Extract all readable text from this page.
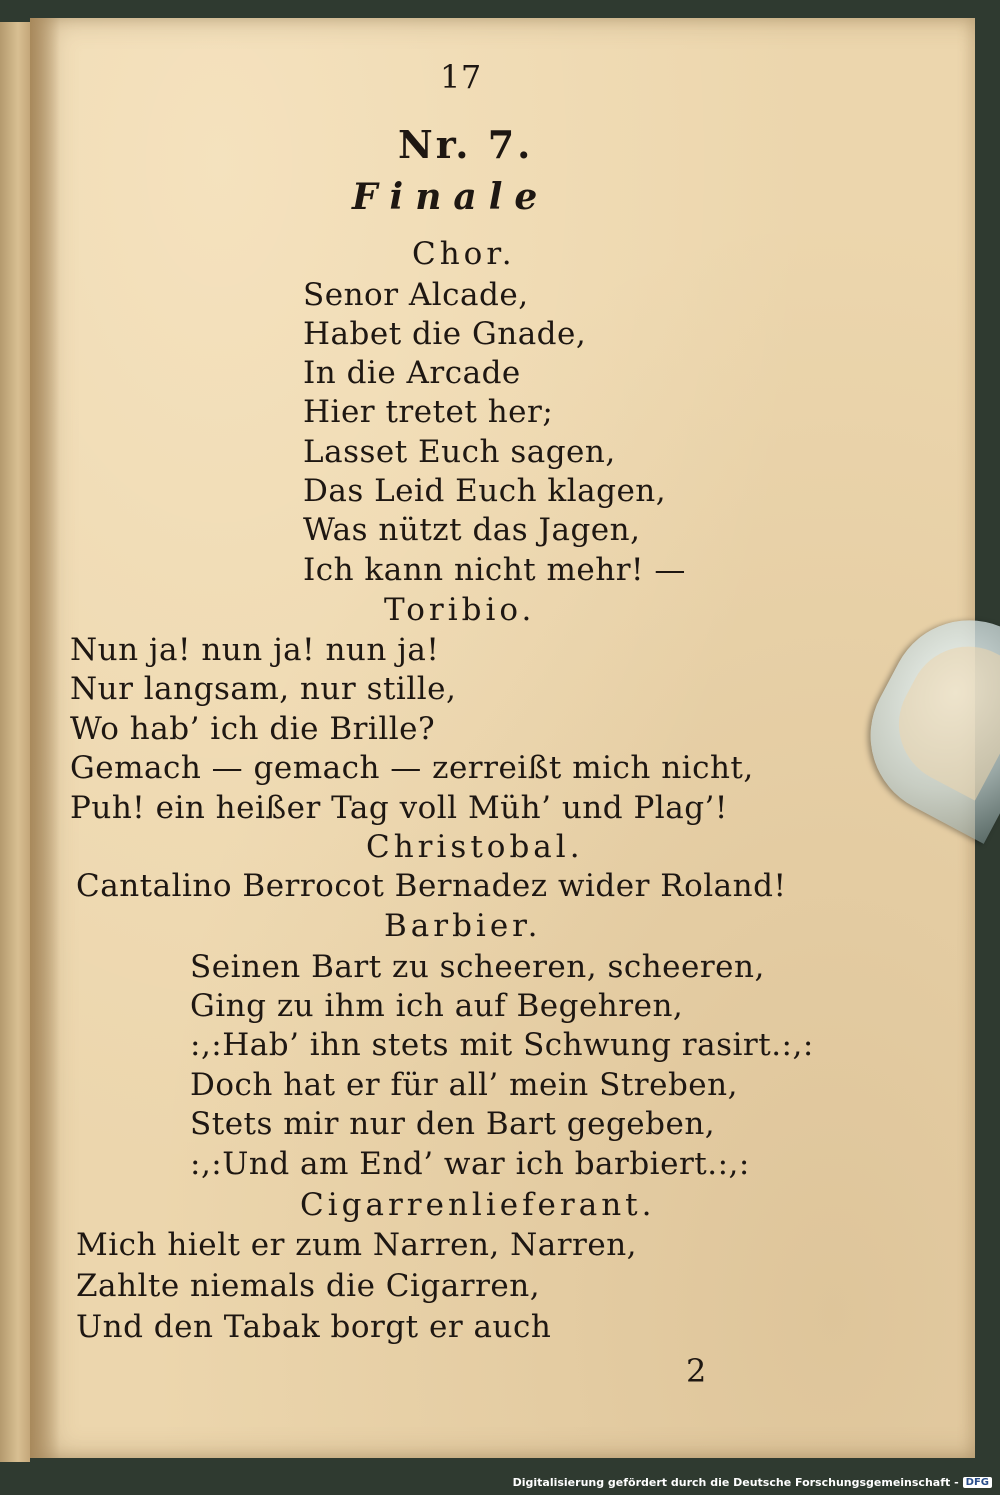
17
Nr. 7.
Finale
Chor.
Senor Alcade,
Habet die Gnade,
In die Arcade
Hier tretet her;
Lasset Euch sagen,
Das Leid Euch klagen,
Was nützt das Jagen,
Ich kann nicht mehr! —
Toribio.
Nun ja! nun ja! nun ja!
Nur langsam, nur stille,
Wo hab’ ich die Brille?
Gemach — gemach — zerreißt mich nicht,
Puh! ein heißer Tag voll Müh’ und Plag’!
Christobal.
Cantalino Berrocot Bernadez wider Roland!
Barbier.
Seinen Bart zu scheeren, scheeren,
Ging zu ihm ich auf Begehren,
:,:Hab’ ihn stets mit Schwung rasirt.:,:
Doch hat er für all’ mein Streben,
Stets mir nur den Bart gegeben,
:,:Und am End’ war ich barbiert.:,:
Cigarrenlieferant.
Mich hielt er zum Narren, Narren,
Zahlte niemals die Cigarren,
Und den Tabak borgt er auch
2
Digitalisierung gefördert durch die Deutsche Forschungsgemeinschaft - DFG
